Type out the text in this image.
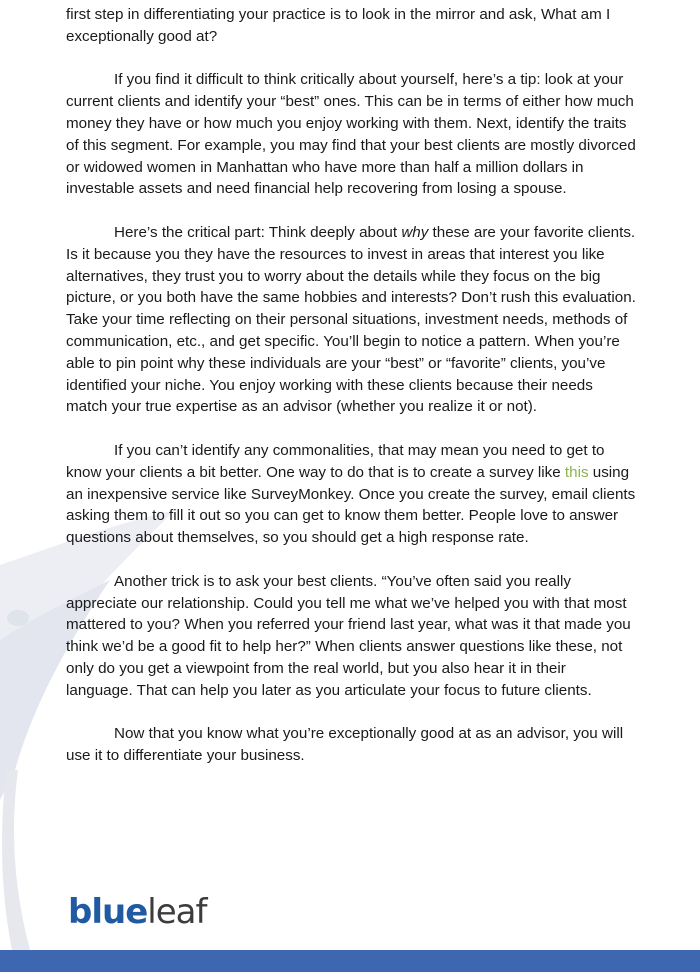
first step in differentiating your practice is to look in the mirror and ask, What am I exceptionally good at?

If you find it difficult to think critically about yourself, here’s a tip: look at your current clients and identify your “best” ones. This can be in terms of either how much money they have or how much you enjoy working with them. Next, identify the traits of this segment. For example, you may find that your best clients are mostly divorced or widowed women in Manhattan who have more than half a million dollars in investable assets and need financial help recovering from losing a spouse.

Here’s the critical part: Think deeply about why these are your favorite clients. Is it because you they have the resources to invest in areas that interest you like alternatives, they trust you to worry about the details while they focus on the big picture, or you both have the same hobbies and interests? Don’t rush this evaluation. Take your time reflecting on their personal situations, investment needs, methods of communication, etc., and get specific. You’ll begin to notice a pattern. When you’re able to pin point why these individuals are your “best” or “favorite” clients, you’ve identified your niche. You enjoy working with these clients because their needs match your true expertise as an advisor (whether you realize it or not).

If you can’t identify any commonalities, that may mean you need to get to know your clients a bit better. One way to do that is to create a survey like this using an inexpensive service like SurveyMonkey. Once you create the survey, email clients asking them to fill it out so you can get to know them better. People love to answer questions about themselves, so you should get a high response rate.

Another trick is to ask your best clients. “You’ve often said you really appreciate our relationship. Could you tell me what we’ve helped you with that most mattered to you? When you referred your friend last year, what was it that made you think we’d be a good fit to help her?” When clients answer questions like these, not only do you get a viewpoint from the real world, but you also hear it in their language. That can help you later as you articulate your focus to future clients.

Now that you know what you’re exceptionally good at as an advisor, you will use it to differentiate your business.

blueleaf
